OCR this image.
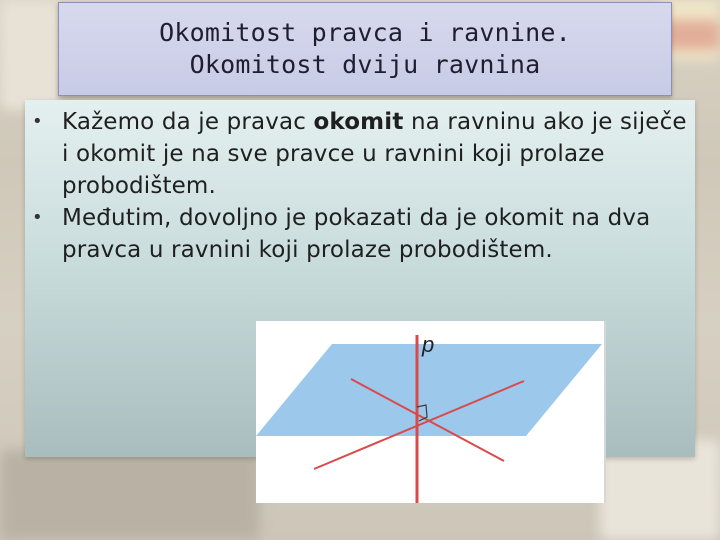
Okomitost pravca i ravnine.
Okomitost dviju ravnina
• Kažemo da je pravac okomit na ravninu ako je siječe i okomit je na sve pravce u ravnini koji prolaze probodištem.
• Međutim, dovoljno je pokazati da je okomit na dva pravca u ravnini koji prolaze probodištem.
p
